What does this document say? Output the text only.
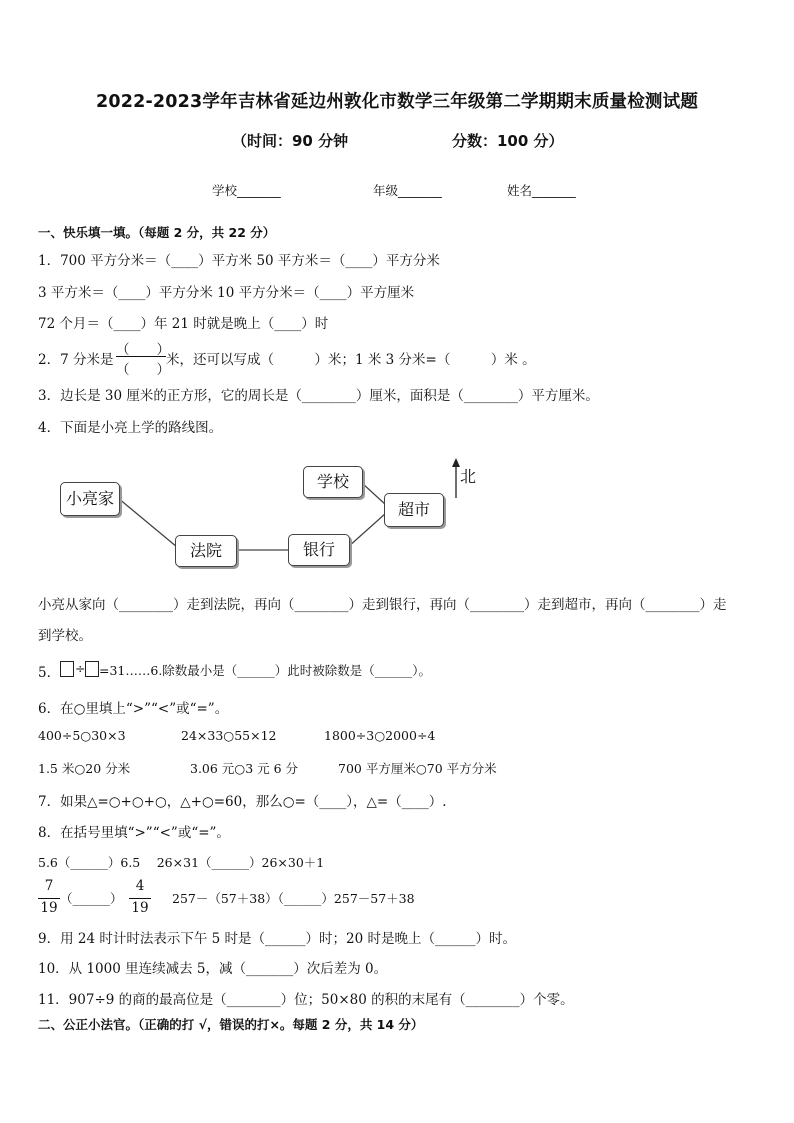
2022-2023学年吉林省延边州敦化市数学三年级第二学期期末质量检测试题
（时间：90 分钟	分数：100 分）
学校_______	年级_______	姓名_______
一、快乐填一填。（每题 2 分，共 22 分）
1．700 平方分米＝（____）平方米 50 平方米＝（____）平方分米
3 平方米＝（____）平方分米 10 平方分米＝（____）平方厘米
72 个月＝（____）年 21 时就是晚上（____）时
2．7 分米是
（　　）
（　　）
米，还可以写成（　　　）米；1 米 3 分米=（　　　）米 。
3．边长是 30 厘米的正方形，它的周长是（________）厘米，面积是（________）平方厘米。
4．下面是小亮上学的路线图。
小亮家
法院	银行
学校
超市
北
小亮从家向（________）走到法院，再向（________）走到银行，再向（________）走到超市，再向（________）走
到学校。
5． ÷ =31……6.除数最小是（______）此时被除数是（______）。
6．在○里填上“>”“<”或“=”。
400÷5○30×3	24×33○55×12	1800÷3○2000÷4
1.5 米○20 分米	3.06 元○3 元 6 分	700 平方厘米○70 平方分米
7．如果△=○+○+○，△+○=60，那么○=（____），△=（____）.
8．在括号里填“>”“<”或“=”。
5.6（______）6.5　 26×31（______）26×30＋1
7
19
（______）
4
19
257－（57＋38）（______）257－57＋38
9．用 24 时计时法表示下午 5 时是（______）时；20 时是晚上（______）时。
10．从 1000 里连续减去 5，减（_______）次后差为 0。
11．907÷9 的商的最高位是（________）位；50×80 的积的末尾有（________）个零。
二、公正小法官。（正确的打 √，错误的打×。每题 2 分，共 14 分）
